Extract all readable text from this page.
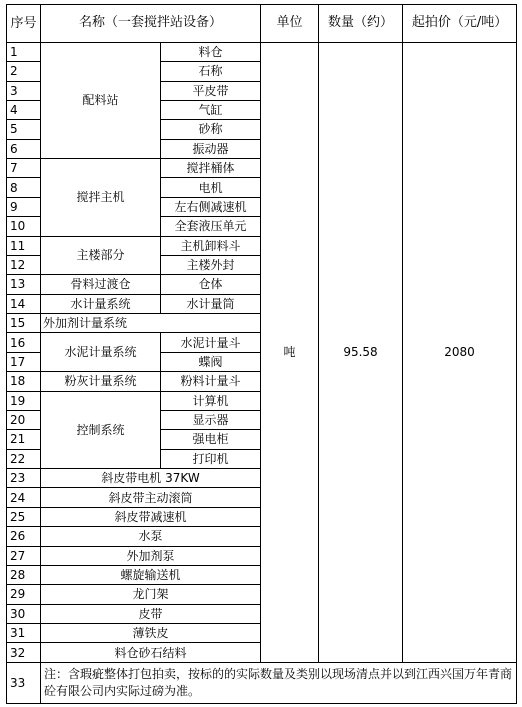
序号	名称（一套搅拌站设备）		单位	数量（约）	起拍价（元/吨）
1	配料站	料仓	吨	95.58	2080
2		石称			
3		平皮带			
4		气缸			
5		砂称			
6		振动器			
7	搅拌主机	搅拌桶体			
8		电机			
9		左右侧减速机			
10		全套液压单元			
11	主楼部分	主机卸料斗			
12		主楼外封			
13	骨料过渡仓	仓体			
14	水计量系统	水计量筒			
15	外加剂计量系统				
16	水泥计量系统	水泥计量斗			
17		蝶阀			
18	粉灰计量系统	粉料计量斗			
19	控制系统	计算机			
20		显示器			
21		强电柜			
22		打印机			
23	斜皮带电机 37KW				
24	斜皮带主动滚筒				
25	斜皮带减速机				
26	水泵				
27	外加剂泵				
28	螺旋输送机				
29	龙门架				
30	皮带				
31	薄铁皮				
32	料仓砂石结料				
33	注：含瑕疵整体打包拍卖，按标的的实际数量及类别以现场清点并以到江西兴国万年青商砼有限公司内实际过磅为准。				
